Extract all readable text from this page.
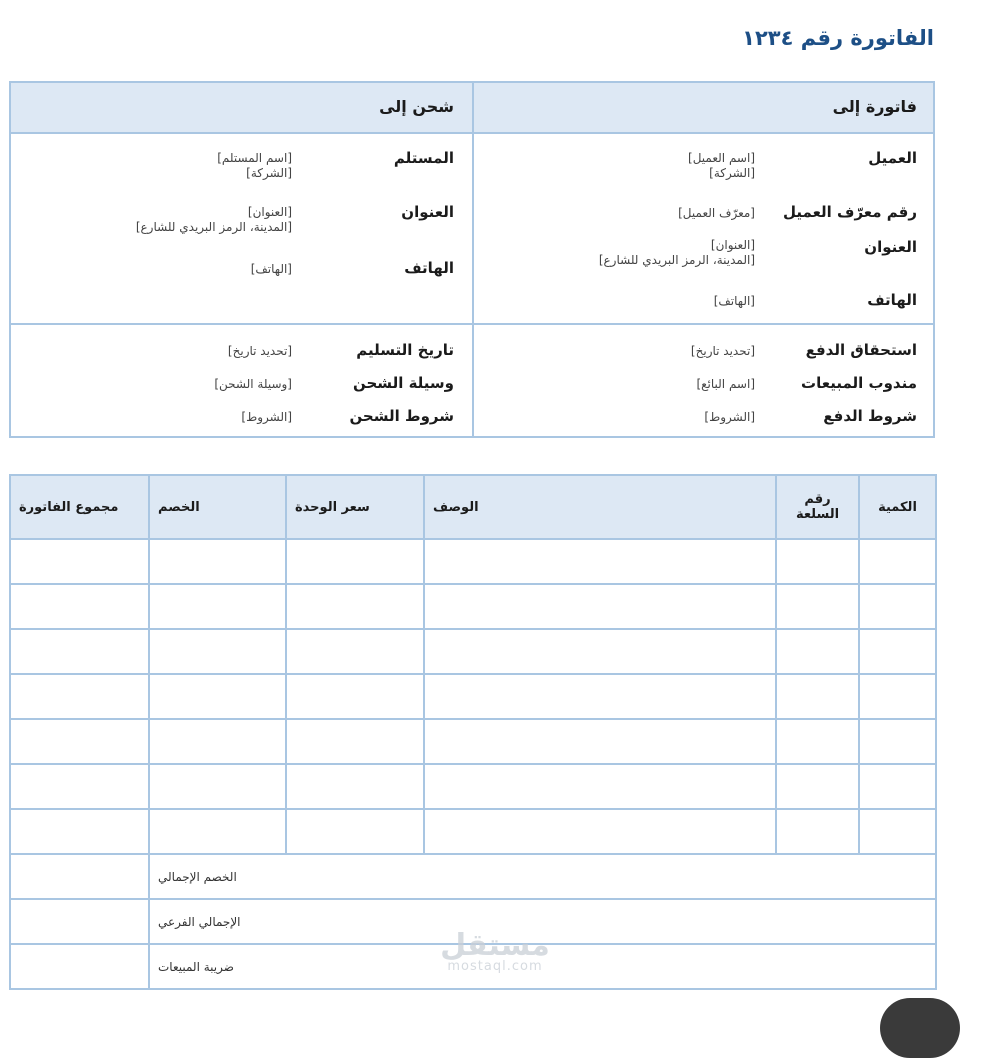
الفاتورة رقم ١٢٣٤
فاتورة إلى
شحن إلى
العميل
[اسم العميل]
[الشركة]
رقم معرّف العميل
[معرّف العميل]
العنوان
[العنوان]
[المدينة، الرمز البريدي للشارع]
الهاتف
[الهاتف]
المستلم
[اسم المستلم]
[الشركة]
العنوان
[العنوان]
[المدينة، الرمز البريدي للشارع]
الهاتف
[الهاتف]
استحقاق الدفع
[تحديد تاريخ]
مندوب المبيعات
[اسم البائع]
شروط الدفع
[الشروط]
تاريخ التسليم
[تحديد تاريخ]
وسيلة الشحن
[وسيلة الشحن]
شروط الشحن
[الشروط]
مجموع الفاتورة	الخصم	سعر الوحدة	الوصف	رقم السلعة	الكمية

	الخصم الإجمالي				
	الإجمالي الفرعي				
	ضريبة المبيعات				
مستقل
mostaql.com
